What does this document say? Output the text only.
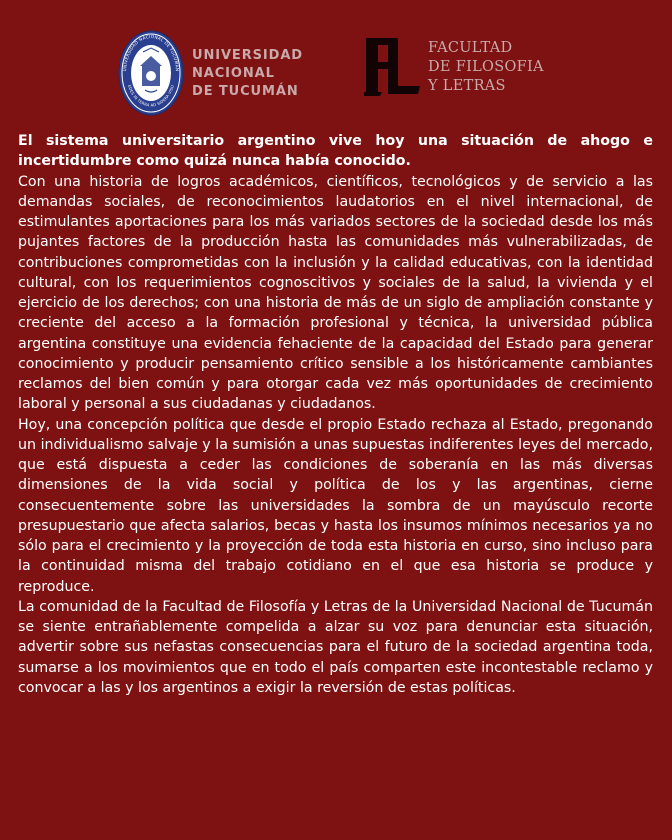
UNIVERSIDAD NACIONAL DE TUCUMÁN
EDES IN TERRA AD SIDERA VISU
UNIVERSIDAD
NACIONAL
DE TUCUMÁN
FACULTAD
DE FILOSOFIA
Y LETRAS

El sistema universitario argentino vive hoy una situación de ahogo e incertidumbre como quizá nunca había conocido.

Con una historia de logros académicos, científicos, tecnológicos y de servicio a las demandas sociales, de reconocimientos laudatorios en el nivel internacional, de estimulantes aportaciones para los más variados sectores de la sociedad desde los más pujantes factores de la producción hasta las comunidades más vulnerabilizadas, de contribuciones comprometidas con la inclusión y la calidad educativas, con la identidad cultural, con los requerimientos cognoscitivos y sociales de la salud, la vivienda y el ejercicio de los derechos; con una historia de más de un siglo de ampliación constante y creciente del acceso a la formación profesional y técnica, la universidad pública argentina constituye una evidencia fehaciente de la capacidad del Estado para generar conocimiento y producir pensamiento crítico sensible a los históricamente cambiantes reclamos del bien común y para otorgar cada vez más oportunidades de crecimiento laboral y personal a sus ciudadanas y ciudadanos.

Hoy, una concepción política que desde el propio Estado rechaza al Estado, pregonando un individualismo salvaje y la sumisión a unas supuestas indiferentes leyes del mercado, que está dispuesta a ceder las condiciones de soberanía en las más diversas dimensiones de la vida social y política de los y las argentinas, cierne consecuentemente sobre las universidades la sombra de un mayúsculo recorte presupuestario que afecta salarios, becas y hasta los insumos mínimos necesarios ya no sólo para el crecimiento y la proyección de toda esta historia en curso, sino incluso para la continuidad misma del trabajo cotidiano en el que esa historia se produce y reproduce.

La comunidad de la Facultad de Filosofía y Letras de la Universidad Nacional de Tucumán se siente entrañablemente compelida a alzar su voz para denunciar esta situación, advertir sobre sus nefastas consecuencias para el futuro de la sociedad argentina toda, sumarse a los movimientos que en todo el país comparten este incontestable reclamo y convocar a las y los argentinos a exigir la reversión de estas políticas.
